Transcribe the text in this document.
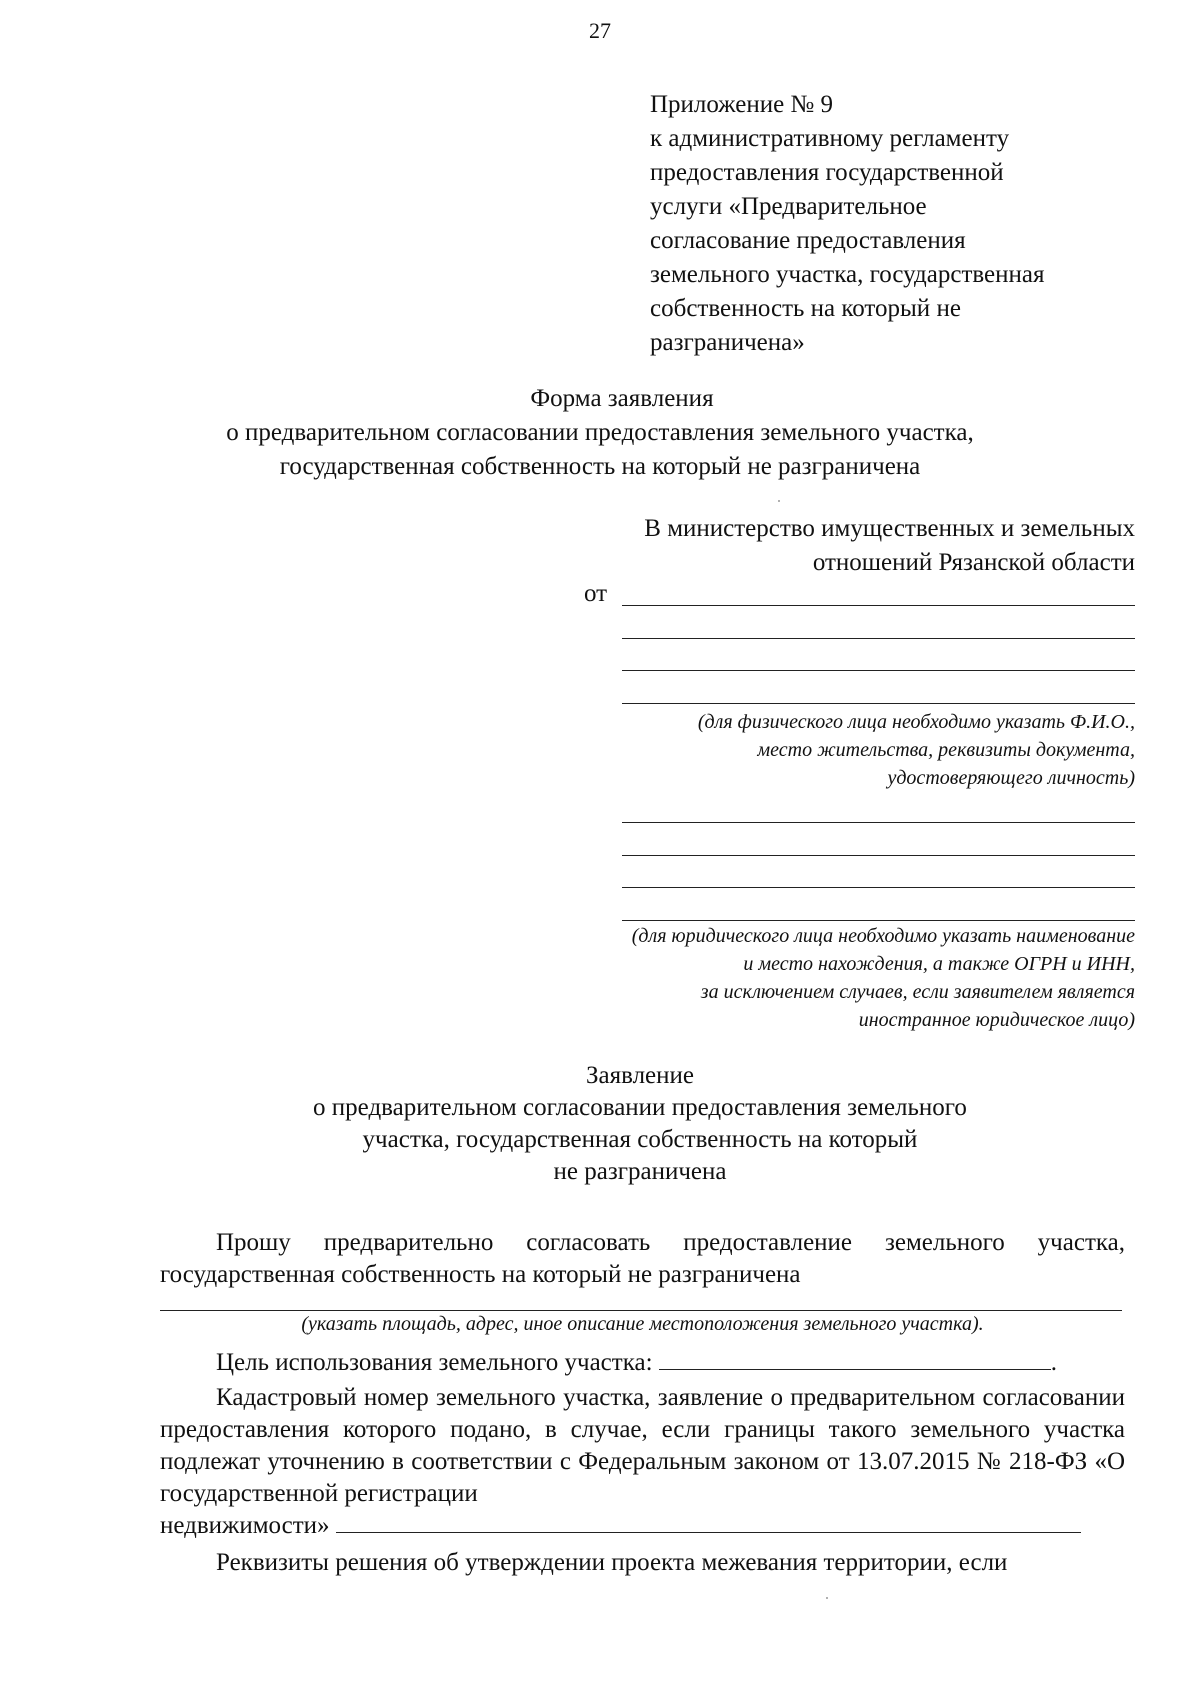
27
Приложение № 9
к административному регламенту
предоставления государственной
услуги «Предварительное
согласование предоставления
земельного участка, государственная
собственность на который не
разграничена»
Форма заявления
о предварительном согласовании предоставления земельного участка,
государственная собственность на который не разграничена
В министерство имущественных и земельных
отношений Рязанской области
от
(для физического лица необходимо указать Ф.И.О.,
место жительства, реквизиты документа,
удостоверяющего личность)
(для юридического лица необходимо указать наименование
и место нахождения, а также ОГРН и ИНН,
за исключением случаев, если заявителем является
иностранное юридическое лицо)
Заявление
о предварительном согласовании предоставления земельного
участка, государственная собственность на который
не разграничена
Прошу предварительно согласовать предоставление земельного участка, государственная собственность на который не разграничена
(указать площадь, адрес, иное описание местоположения земельного участка).
Цель использования земельного участка:	.
Кадастровый номер земельного участка, заявление о предварительном согласовании предоставления которого подано, в случае, если границы такого земельного участка подлежат уточнению в соответствии с Федеральным законом от 13.07.2015 № 218-ФЗ «О государственной регистрации
недвижимости»
Реквизиты решения об утверждении проекта межевания территории, если
